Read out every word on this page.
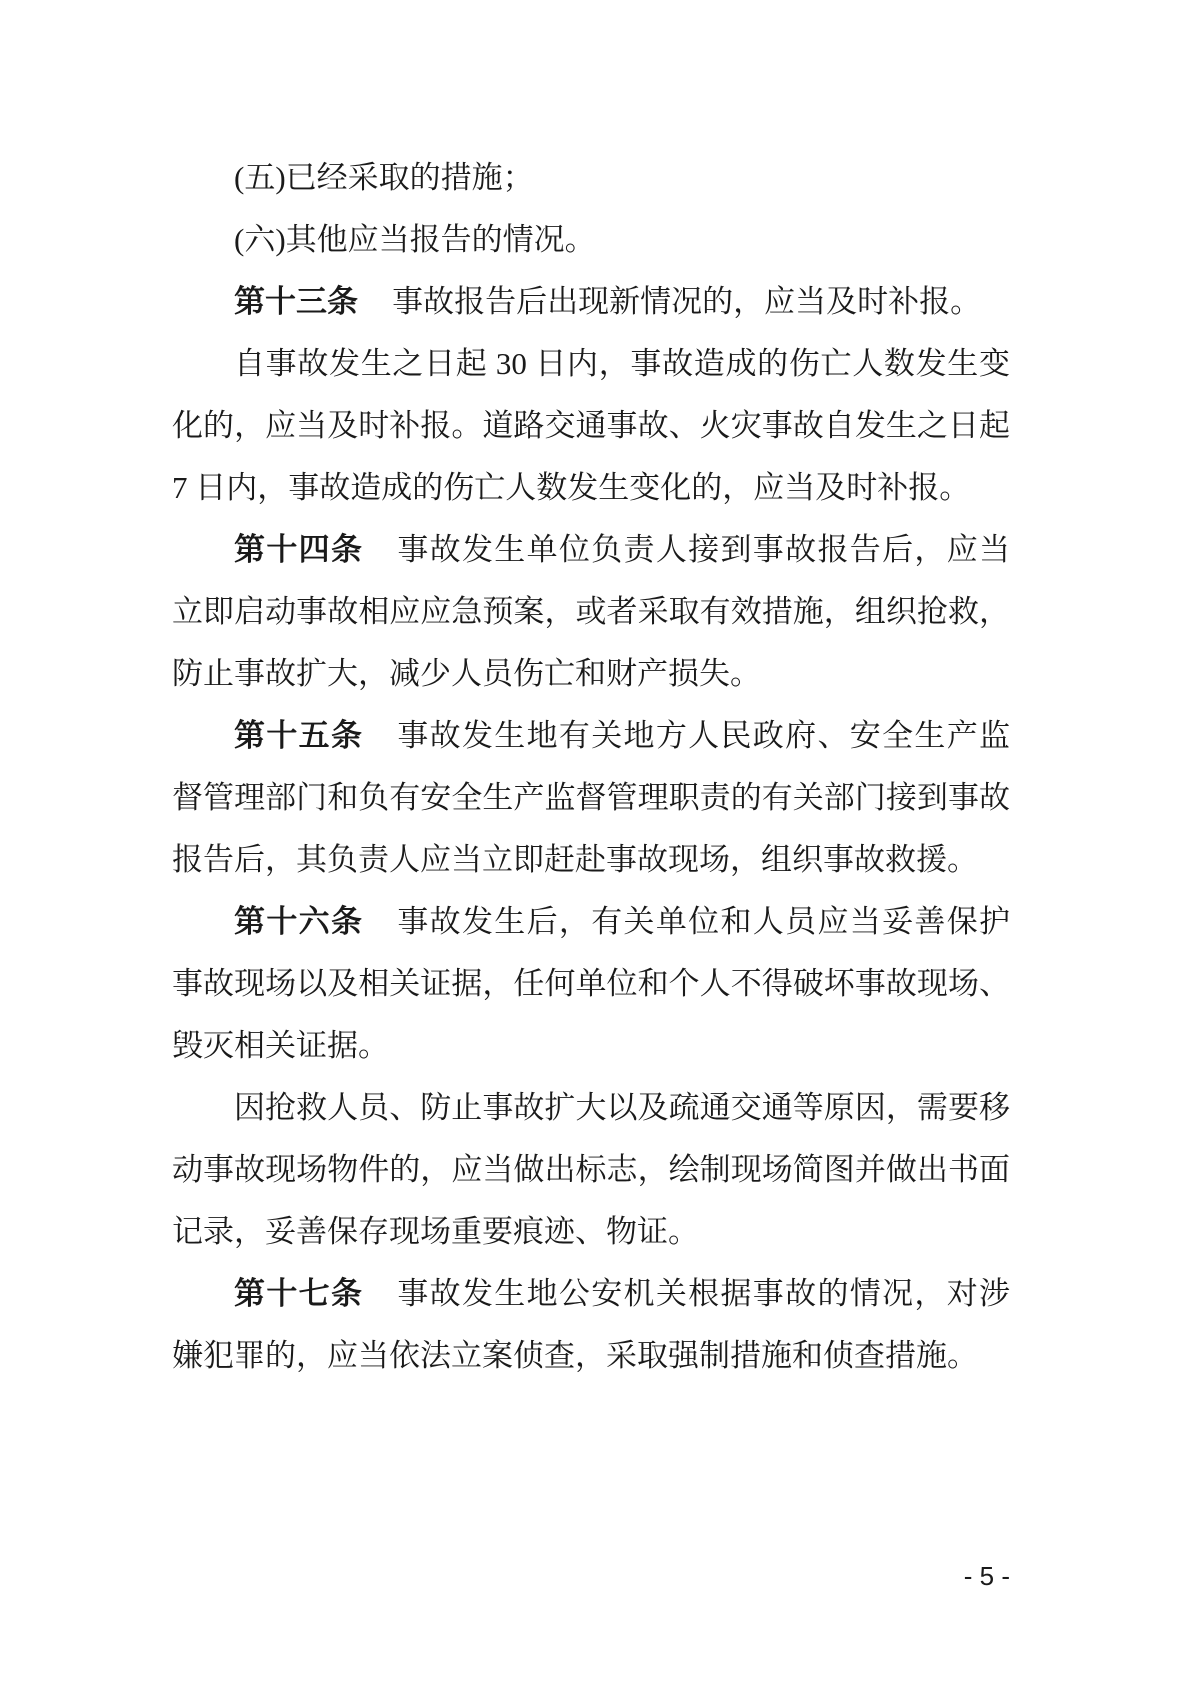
(五)已经采取的措施；

(六)其他应当报告的情况。

第十三条 事故报告后出现新情况的，应当及时补报。

自事故发生之日起 30 日内，事故造成的伤亡人数发生变化的，应当及时补报。道路交通事故、火灾事故自发生之日起 7 日内，事故造成的伤亡人数发生变化的，应当及时补报。

第十四条 事故发生单位负责人接到事故报告后，应当立即启动事故相应应急预案，或者采取有效措施，组织抢救，防止事故扩大，减少人员伤亡和财产损失。

第十五条 事故发生地有关地方人民政府、安全生产监督管理部门和负有安全生产监督管理职责的有关部门接到事故报告后，其负责人应当立即赶赴事故现场，组织事故救援。

第十六条 事故发生后，有关单位和人员应当妥善保护事故现场以及相关证据，任何单位和个人不得破坏事故现场、毁灭相关证据。

因抢救人员、防止事故扩大以及疏通交通等原因，需要移动事故现场物件的，应当做出标志，绘制现场简图并做出书面记录，妥善保存现场重要痕迹、物证。

第十七条 事故发生地公安机关根据事故的情况，对涉嫌犯罪的，应当依法立案侦查，采取强制措施和侦查措施。

- 5 -
